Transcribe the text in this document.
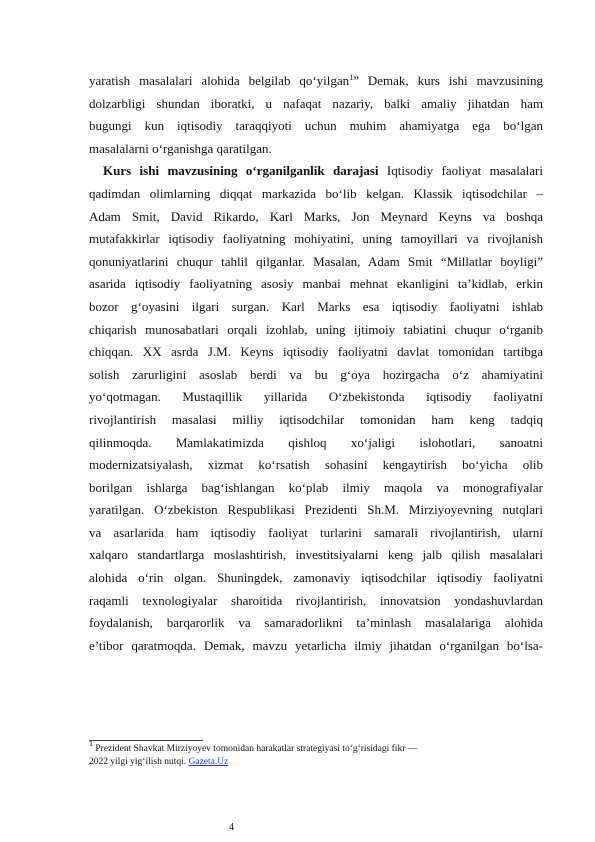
yaratish masalalari alohida belgilab qo‘yilgan$^1$” Demak, kurs ishi mavzusining
dolzarbligi shundan iboratki, u nafaqat nazariy, balki amaliy jihatdan ham
bugungi kun iqtisodiy taraqqiyoti uchun muhim ahamiyatga ega bo‘lgan
masalalarni o‘rganishga qaratilgan.
Kurs ishi mavzusining o‘rganilganlik darajasi Iqtisodiy faoliyat masalalari
qadimdan olimlarning diqqat markazida bo‘lib kelgan. Klassik iqtisodchilar –
Adam Smit, David Rikardo, Karl Marks, Jon Meynard Keyns va boshqa
mutafakkirlar iqtisodiy faoliyatning mohiyatini, uning tamoyillari va rivojlanish
qonuniyatlarini chuqur tahlil qilganlar. Masalan, Adam Smit “Millatlar boyligi”
asarida iqtisodiy faoliyatning asosiy manbai mehnat ekanligini ta’kidlab, erkin
bozor g‘oyasini ilgari surgan. Karl Marks esa iqtisodiy faoliyatni ishlab
chiqarish munosabatlari orqali izohlab, uning ijtimoiy tabiatini chuqur o‘rganib
chiqqan. XX asrda J.M. Keyns iqtisodiy faoliyatni davlat tomonidan tartibga
solish zarurligini asoslab berdi va bu g‘oya hozirgacha o‘z ahamiyatini
yo‘qotmagan. Mustaqillik yillarida O‘zbekistonda iqtisodiy faoliyatni
rivojlantirish masalasi milliy iqtisodchilar tomonidan ham keng tadqiq
qilinmoqda. Mamlakatimizda qishloq xo‘jaligi islohotlari, sanoatni
modernizatsiyalash, xizmat ko‘rsatish sohasini kengaytirish bo‘yicha olib
borilgan ishlarga bag‘ishlangan ko‘plab ilmiy maqola va monografiyalar
yaratilgan. O‘zbekiston Respublikasi Prezidenti Sh.M. Mirziyoyevning nutqlari
va asarlarida ham iqtisodiy faoliyat turlarini samarali rivojlantirish, ularni
xalqaro standartlarga moslashtirish, investitsiyalarni keng jalb qilish masalalari
alohida o‘rin olgan. Shuningdek, zamonaviy iqtisodchilar iqtisodiy faoliyatni
raqamli texnologiyalar sharoitida rivojlantirish, innovatsion yondashuvlardan
foydalanish, barqarorlik va samaradorlikni ta’minlash masalalariga alohida
e’tibor qaratmoqda. Demak, mavzu yetarlicha ilmiy jihatdan o‘rganilgan bo‘lsa-
$^1$ Prezident Shavkat Mirziyoyev tomonidan harakatlar strategiyasi to‘g‘risidagi fikr —
2022 yilgi yig‘ilish nutqi. Gazeta.Uz
4
